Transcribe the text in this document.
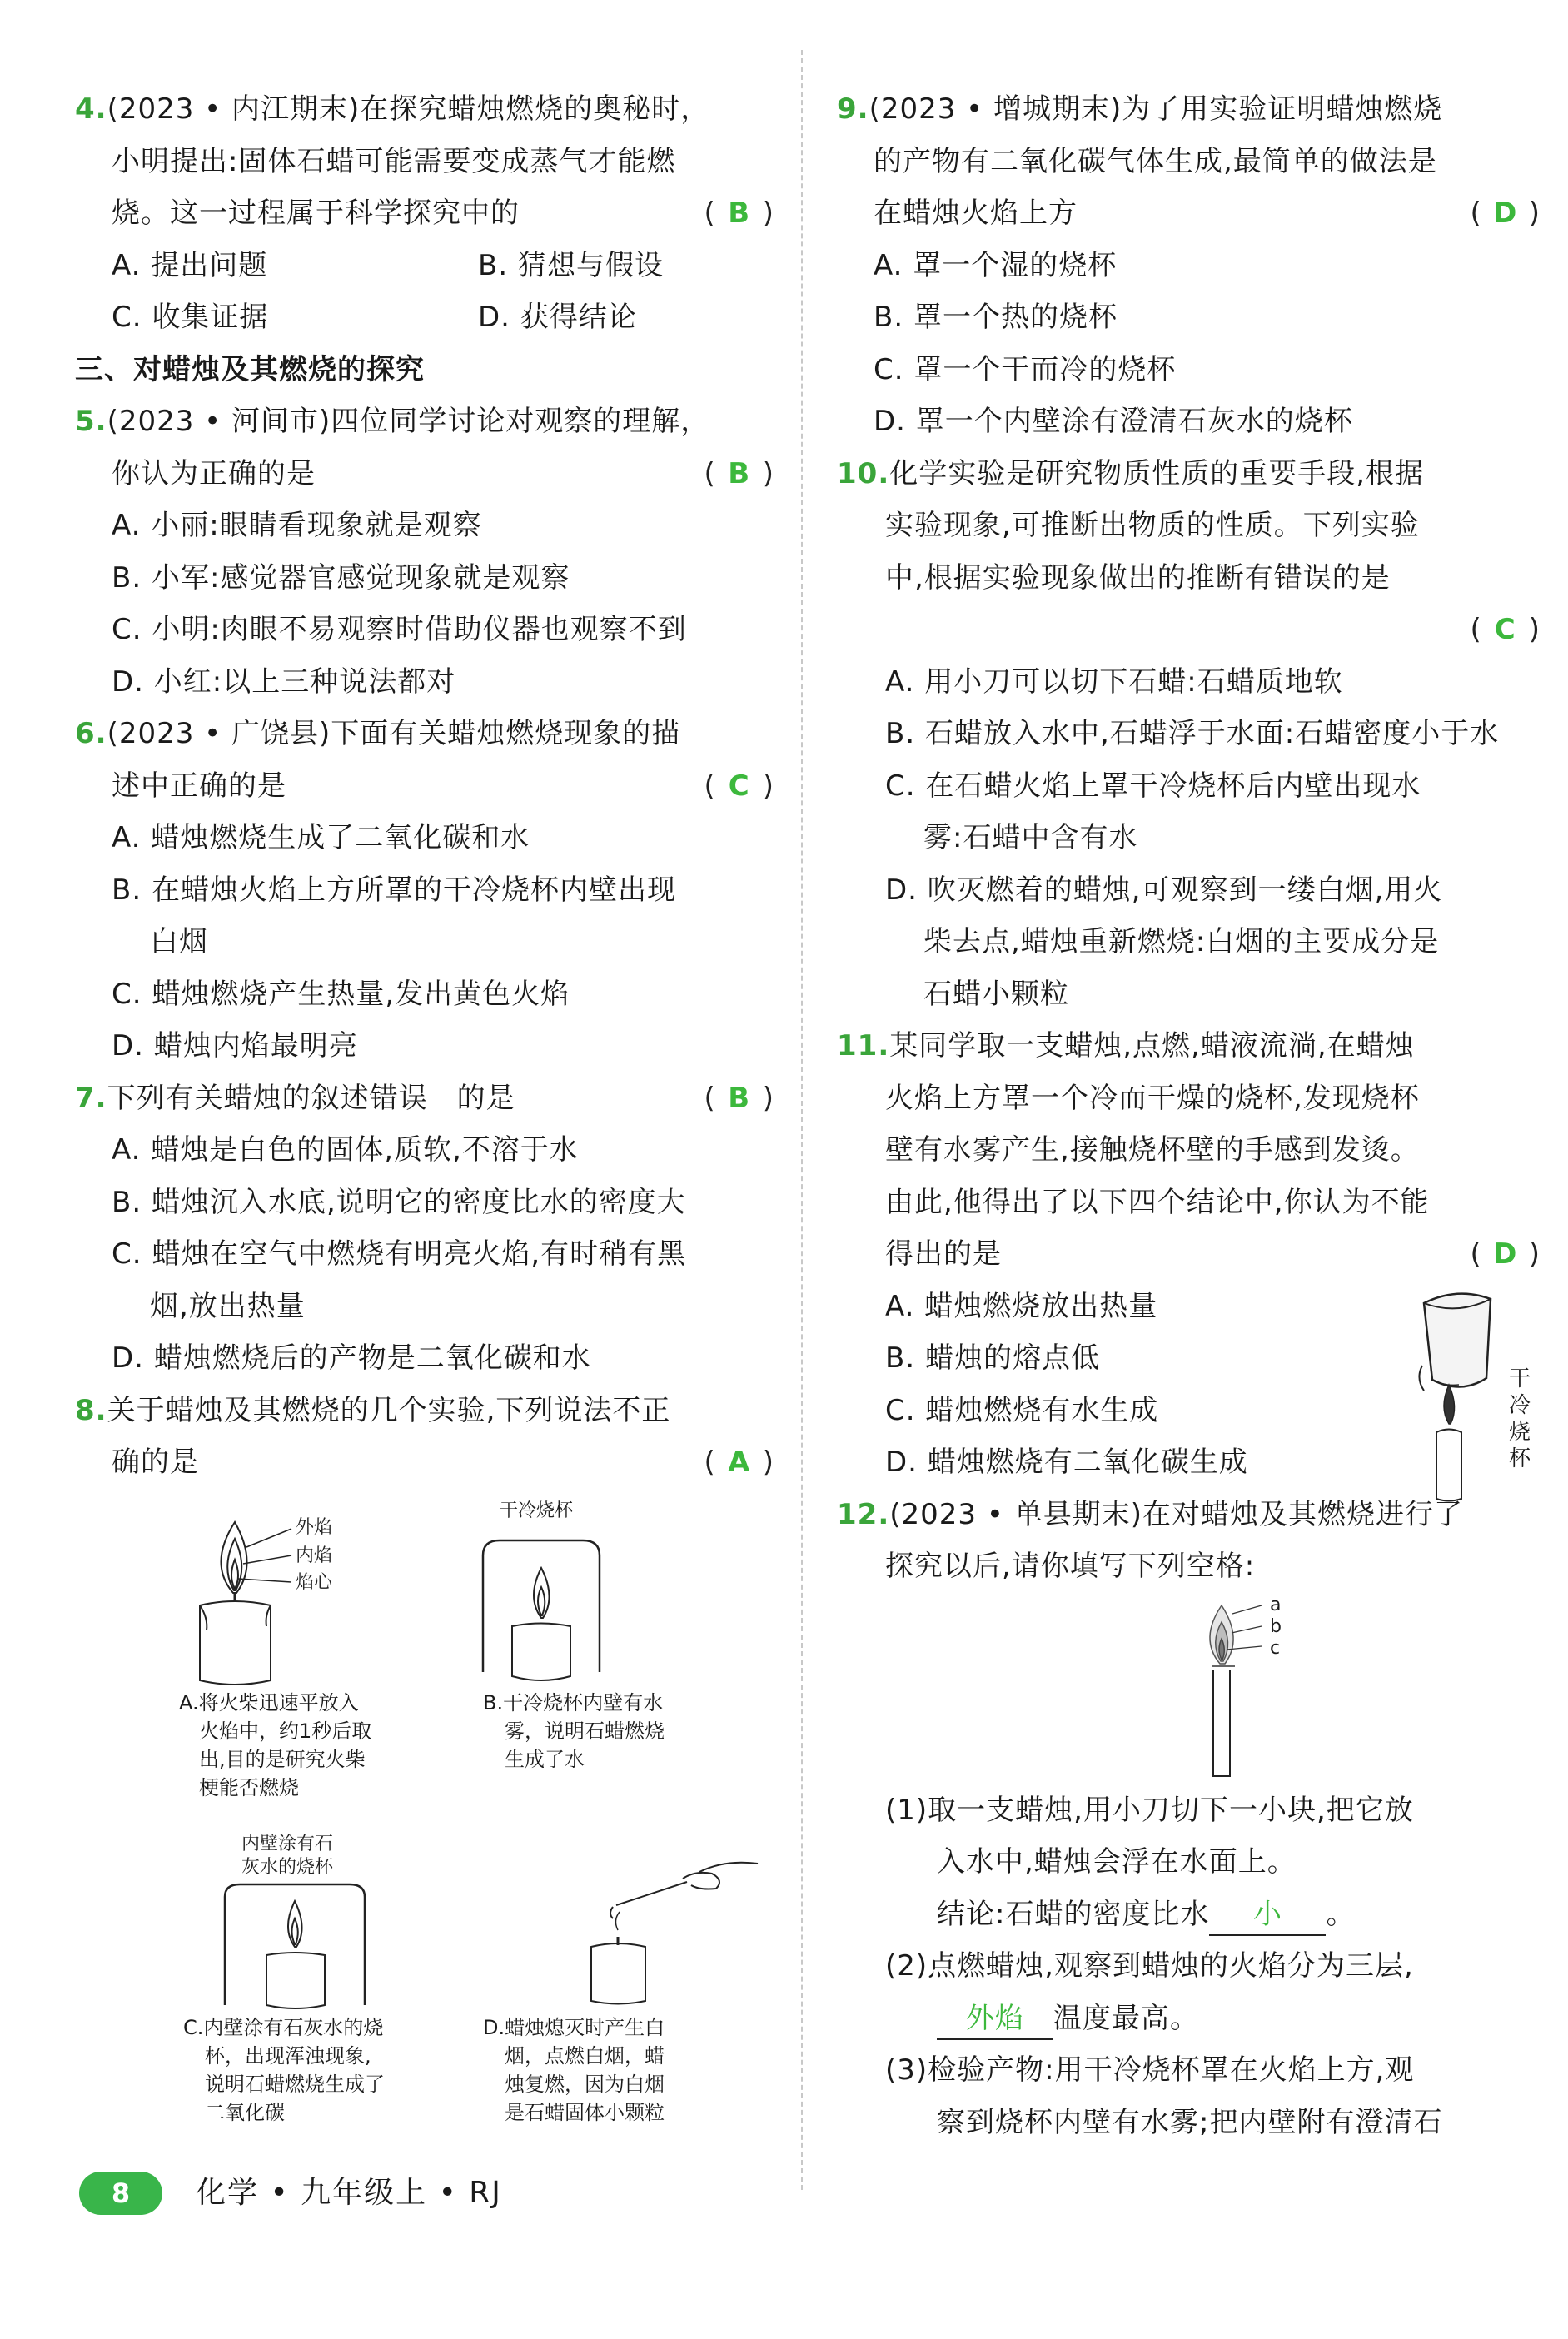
4.(2023 • 内江期末)在探究蜡烛燃烧的奥秘时，
小明提出:固体石蜡可能需要变成蒸气才能燃
烧。这一过程属于科学探究中的	( B )
A. 提出问题	B. 猜想与假设
C. 收集证据	D. 获得结论
三、对蜡烛及其燃烧的探究
5.(2023 • 河间市)四位同学讨论对观察的理解，
你认为正确的是	( B )
A. 小丽:眼睛看现象就是观察
B. 小军:感觉器官感觉现象就是观察
C. 小明:肉眼不易观察时借助仪器也观察不到
D. 小红:以上三种说法都对
6.(2023 • 广饶县)下面有关蜡烛燃烧现象的描
述中正确的是	( C )
A. 蜡烛燃烧生成了二氧化碳和水
B. 在蜡烛火焰上方所罩的干冷烧杯内壁出现
白烟
C. 蜡烛燃烧产生热量,发出黄色火焰
D. 蜡烛内焰最明亮
7.下列有关蜡烛的叙述错误　的是	( B )
A. 蜡烛是白色的固体,质软,不溶于水
B. 蜡烛沉入水底,说明它的密度比水的密度大
C. 蜡烛在空气中燃烧有明亮火焰,有时稍有黑
烟,放出热量
D. 蜡烛燃烧后的产物是二氧化碳和水
8.关于蜡烛及其燃烧的几个实验,下列说法不正
确的是	( A )
外焰
内焰
焰心
A.将火柴迅速平放入
火焰中，约1秒后取
出,目的是研究火柴
梗能否燃烧
干冷烧杯
B.干冷烧杯内壁有水
雾，说明石蜡燃烧
生成了水
内壁涂有石
灰水的烧杯
C.内壁涂有石灰水的烧
杯，出现浑浊现象,
说明石蜡燃烧生成了
二氧化碳
D.蜡烛熄灭时产生白
烟，点燃白烟，蜡
烛复燃，因为白烟
是石蜡固体小颗粒
9.(2023 • 增城期末)为了用实验证明蜡烛燃烧
的产物有二氧化碳气体生成,最简单的做法是
在蜡烛火焰上方	( D )
A. 罩一个湿的烧杯
B. 罩一个热的烧杯
C. 罩一个干而冷的烧杯
D. 罩一个内壁涂有澄清石灰水的烧杯
10.化学实验是研究物质性质的重要手段,根据
实验现象,可推断出物质的性质。下列实验
中,根据实验现象做出的推断有错误的是
( C )
A. 用小刀可以切下石蜡:石蜡质地软
B. 石蜡放入水中,石蜡浮于水面:石蜡密度小于水
C. 在石蜡火焰上罩干冷烧杯后内壁出现水
雾:石蜡中含有水
D. 吹灭燃着的蜡烛,可观察到一缕白烟,用火
柴去点,蜡烛重新燃烧:白烟的主要成分是
石蜡小颗粒
11.某同学取一支蜡烛,点燃,蜡液流淌,在蜡烛
火焰上方罩一个冷而干燥的烧杯,发现烧杯
壁有水雾产生,接触烧杯壁的手感到发烫。
由此,他得出了以下四个结论中,你认为不能
得出的是	( D )
A. 蜡烛燃烧放出热量
B. 蜡烛的熔点低
C. 蜡烛燃烧有水生成
D. 蜡烛燃烧有二氧化碳生成
干
冷
烧
杯
12.(2023 • 单县期末)在对蜡烛及其燃烧进行了
探究以后,请你填写下列空格:
a
b
c
(1)取一支蜡烛,用小刀切下一小块,把它放
入水中,蜡烛会浮在水面上。
结论:石蜡的密度比水 小 。
(2)点燃蜡烛,观察到蜡烛的火焰分为三层,
外焰 温度最高。
(3)检验产物:用干冷烧杯罩在火焰上方,观
察到烧杯内壁有水雾;把内壁附有澄清石
8	化学 • 九年级上 • RJ
